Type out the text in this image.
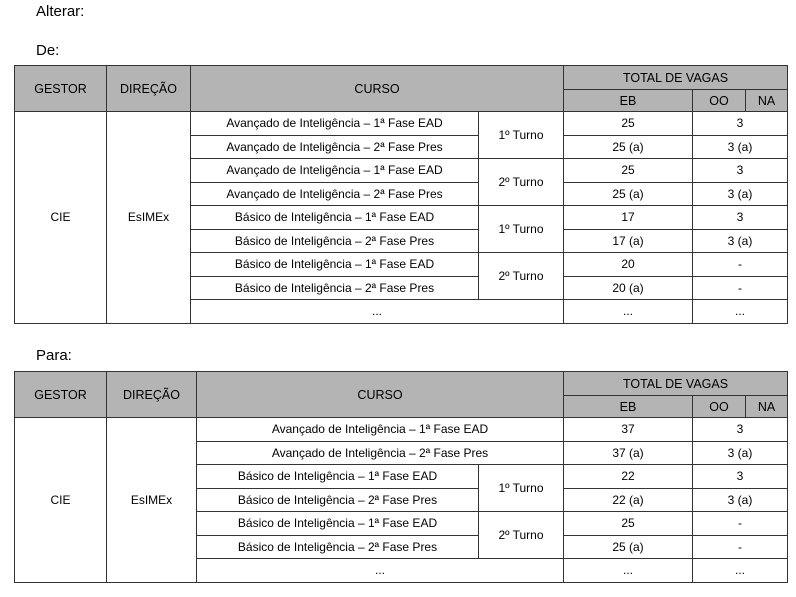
Alterar:
De:
GESTOR	DIREÇÃO	CURSO		TOTAL DE VAGAS		
				EB	OO	NA
CIE	EsIMEx	Avançado de Inteligência – 1ª Fase EAD	1º Turno	25	3	
		Avançado de Inteligência – 2ª Fase Pres		25 (a)	3 (a)	
		Avançado de Inteligência – 1ª Fase EAD	2º Turno	25	3	
		Avançado de Inteligência – 2ª Fase Pres		25 (a)	3 (a)	
		Básico de Inteligência – 1ª Fase EAD	1º Turno	17	3	
		Básico de Inteligência – 2ª Fase Pres		17 (a)	3 (a)	
		Básico de Inteligência – 1ª Fase EAD	2º Turno	20	-	
		Básico de Inteligência – 2ª Fase Pres		20 (a)	-	
		...		...	...	
Para:
GESTOR	DIREÇÃO	CURSO		TOTAL DE VAGAS		
				EB	OO	NA
CIE	EsIMEx	Avançado de Inteligência – 1ª Fase EAD		37	3	
		Avançado de Inteligência – 2ª Fase Pres		37 (a)	3 (a)	
		Básico de Inteligência – 1ª Fase EAD	1º Turno	22	3	
		Básico de Inteligência – 2ª Fase Pres		22 (a)	3 (a)	
		Básico de Inteligência – 1ª Fase EAD	2º Turno	25	-	
		Básico de Inteligência – 2ª Fase Pres		25 (a)	-	
		...		...	...	
